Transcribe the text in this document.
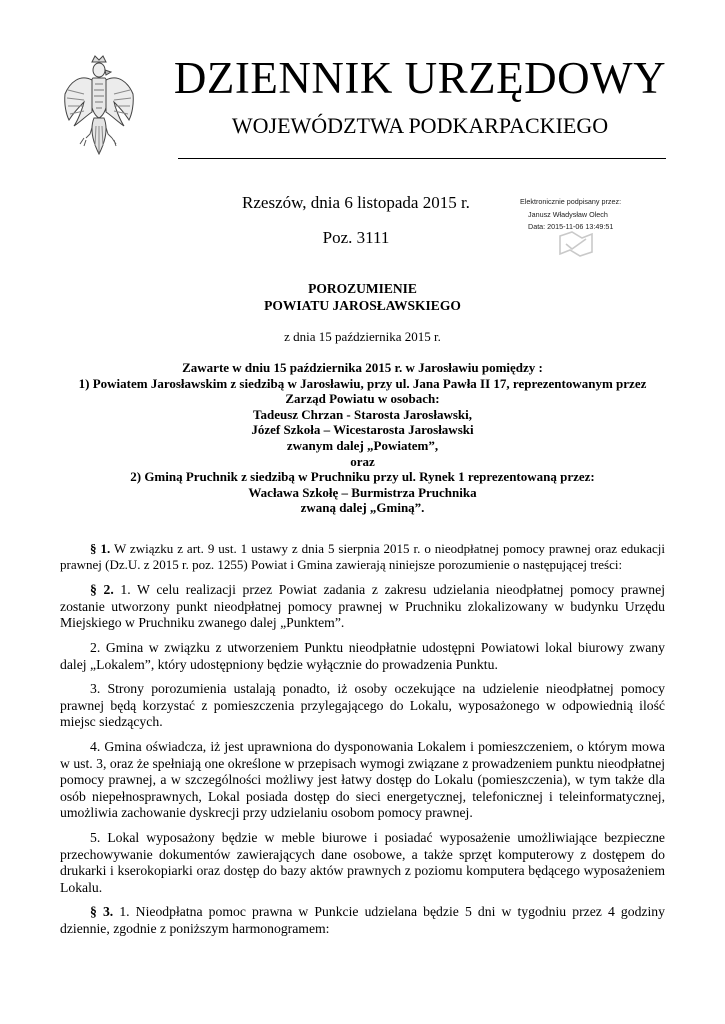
DZIENNIK URZĘDOWY
WOJEWÓDZTWA PODKARPACKIEGO
Rzeszów, dnia 6 listopada 2015 r.
Poz. 3111
Elektronicznie podpisany przez:
Janusz Władysław Olech
Data: 2015-11-06 13:49:51
POROZUMIENIE
POWIATU JAROSŁAWSKIEGO
z dnia 15 października 2015 r.
Zawarte w dniu 15 października 2015 r. w Jarosławiu pomiędzy :
1) Powiatem Jarosławskim z siedzibą w Jarosławiu, przy ul. Jana Pawła II 17, reprezentowanym przez
Zarząd Powiatu w osobach:
Tadeusz Chrzan - Starosta Jarosławski,
Józef Szkoła – Wicestarosta Jarosławski
zwanym dalej „Powiatem”,
oraz
2) Gminą Pruchnik z siedzibą w Pruchniku przy ul. Rynek 1 reprezentowaną przez:
Wacława Szkołę – Burmistrza Pruchnika
zwaną dalej „Gminą”.

§ 1. W związku z art. 9 ust. 1 ustawy z dnia 5 sierpnia 2015 r. o nieodpłatnej pomocy prawnej oraz edukacji prawnej (Dz.U. z 2015 r. poz. 1255) Powiat i Gmina zawierają niniejsze porozumienie o następującej treści:

§ 2. 1. W celu realizacji przez Powiat zadania z zakresu udzielania nieodpłatnej pomocy prawnej zostanie utworzony punkt nieodpłatnej pomocy prawnej w Pruchniku zlokalizowany w budynku Urzędu Miejskiego w Pruchniku zwanego dalej „Punktem”.

2. Gmina w związku z utworzeniem Punktu nieodpłatnie udostępni Powiatowi lokal biurowy zwany dalej „Lokalem”, który udostępniony będzie wyłącznie do prowadzenia Punktu.

3. Strony porozumienia ustalają ponadto, iż osoby oczekujące na udzielenie nieodpłatnej pomocy prawnej będą korzystać z pomieszczenia przylegającego do Lokalu, wyposażonego w odpowiednią ilość miejsc siedzących.

4. Gmina oświadcza, iż jest uprawniona do dysponowania Lokalem i pomieszczeniem, o którym mowa w ust. 3, oraz że spełniają one określone w przepisach wymogi związane z prowadzeniem punktu nieodpłatnej pomocy prawnej, a w szczególności możliwy jest łatwy dostęp do Lokalu (pomieszczenia), w tym także dla osób niepełnosprawnych, Lokal posiada dostęp do sieci energetycznej, telefonicznej i teleinformatycznej, umożliwia zachowanie dyskrecji przy udzielaniu osobom pomocy prawnej.

5. Lokal wyposażony będzie w meble biurowe i posiadać wyposażenie umożliwiające bezpieczne przechowywanie dokumentów zawierających dane osobowe, a także sprzęt komputerowy z dostępem do drukarki i kserokopiarki oraz dostęp do bazy aktów prawnych z poziomu komputera będącego wyposażeniem Lokalu.

§ 3. 1. Nieodpłatna pomoc prawna w Punkcie udzielana będzie 5 dni w tygodniu przez 4 godziny dziennie, zgodnie z poniższym harmonogramem:
